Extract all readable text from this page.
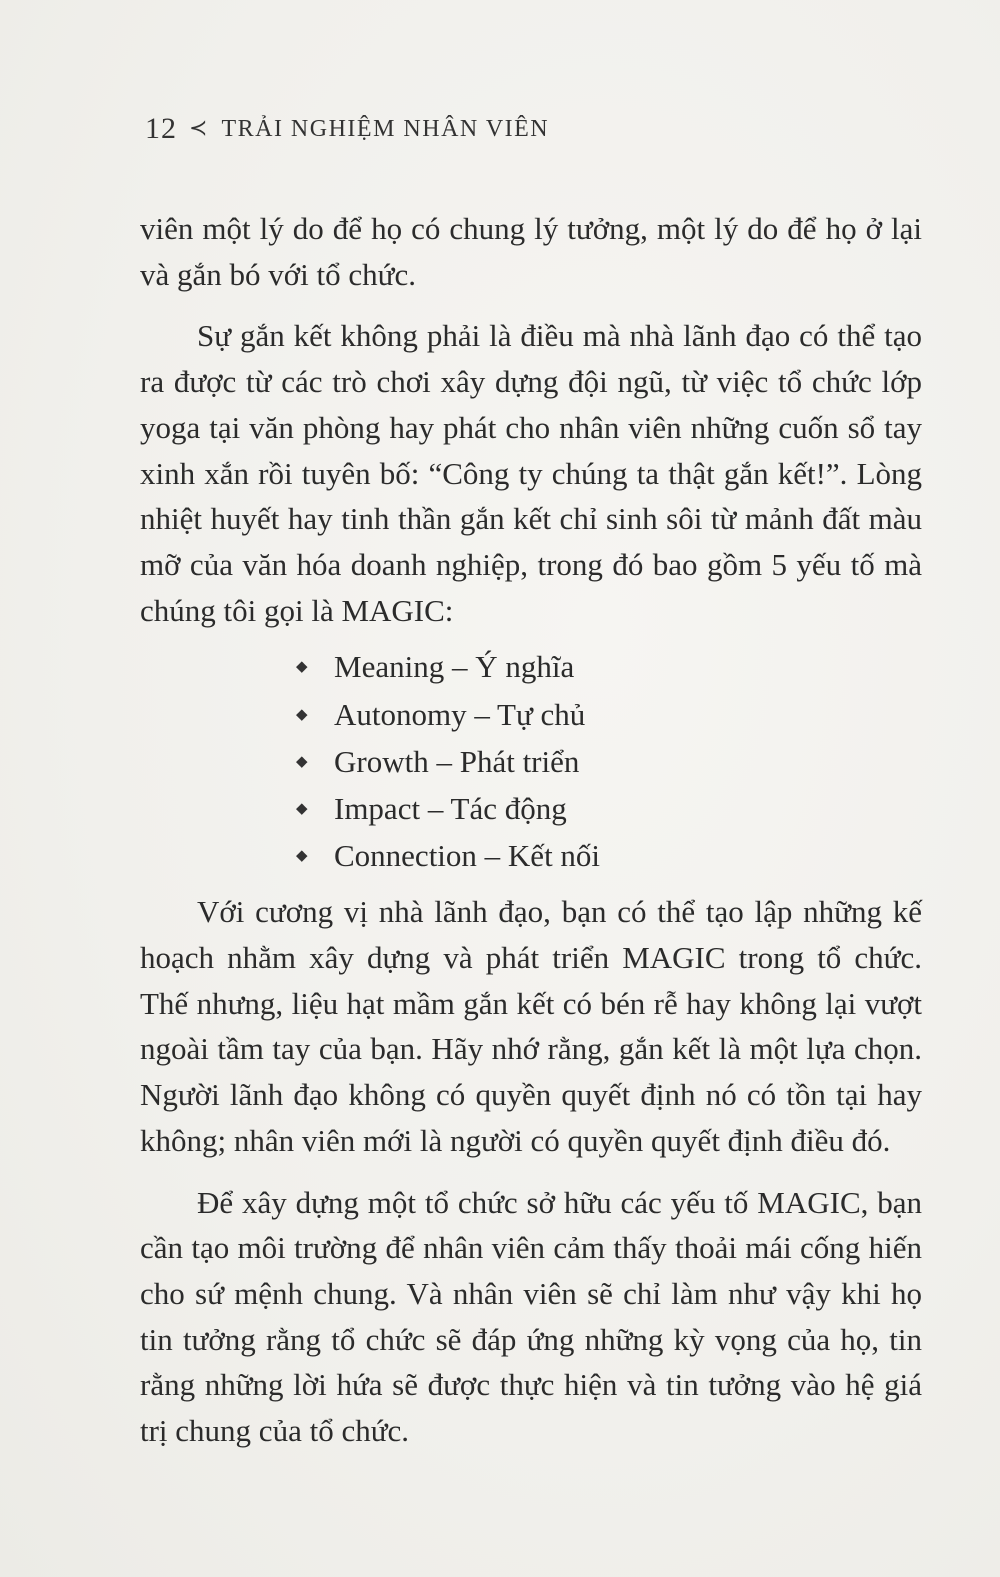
12 ≺ TRẢI NGHIỆM NHÂN VIÊN

viên một lý do để họ có chung lý tưởng, một lý do để họ ở lại và gắn bó với tổ chức.

Sự gắn kết không phải là điều mà nhà lãnh đạo có thể tạo ra được từ các trò chơi xây dựng đội ngũ, từ việc tổ chức lớp yoga tại văn phòng hay phát cho nhân viên những cuốn sổ tay xinh xắn rồi tuyên bố: “Công ty chúng ta thật gắn kết!”. Lòng nhiệt huyết hay tinh thần gắn kết chỉ sinh sôi từ mảnh đất màu mỡ của văn hóa doanh nghiệp, trong đó bao gồm 5 yếu tố mà chúng tôi gọi là MAGIC:

◆ Meaning – Ý nghĩa
◆ Autonomy – Tự chủ
◆ Growth – Phát triển
◆ Impact – Tác động
◆ Connection – Kết nối

Với cương vị nhà lãnh đạo, bạn có thể tạo lập những kế hoạch nhằm xây dựng và phát triển MAGIC trong tổ chức. Thế nhưng, liệu hạt mầm gắn kết có bén rễ hay không lại vượt ngoài tầm tay của bạn. Hãy nhớ rằng, gắn kết là một lựa chọn. Người lãnh đạo không có quyền quyết định nó có tồn tại hay không; nhân viên mới là người có quyền quyết định điều đó.

Để xây dựng một tổ chức sở hữu các yếu tố MAGIC, bạn cần tạo môi trường để nhân viên cảm thấy thoải mái cống hiến cho sứ mệnh chung. Và nhân viên sẽ chỉ làm như vậy khi họ tin tưởng rằng tổ chức sẽ đáp ứng những kỳ vọng của họ, tin rằng những lời hứa sẽ được thực hiện và tin tưởng vào hệ giá trị chung của tổ chức.
